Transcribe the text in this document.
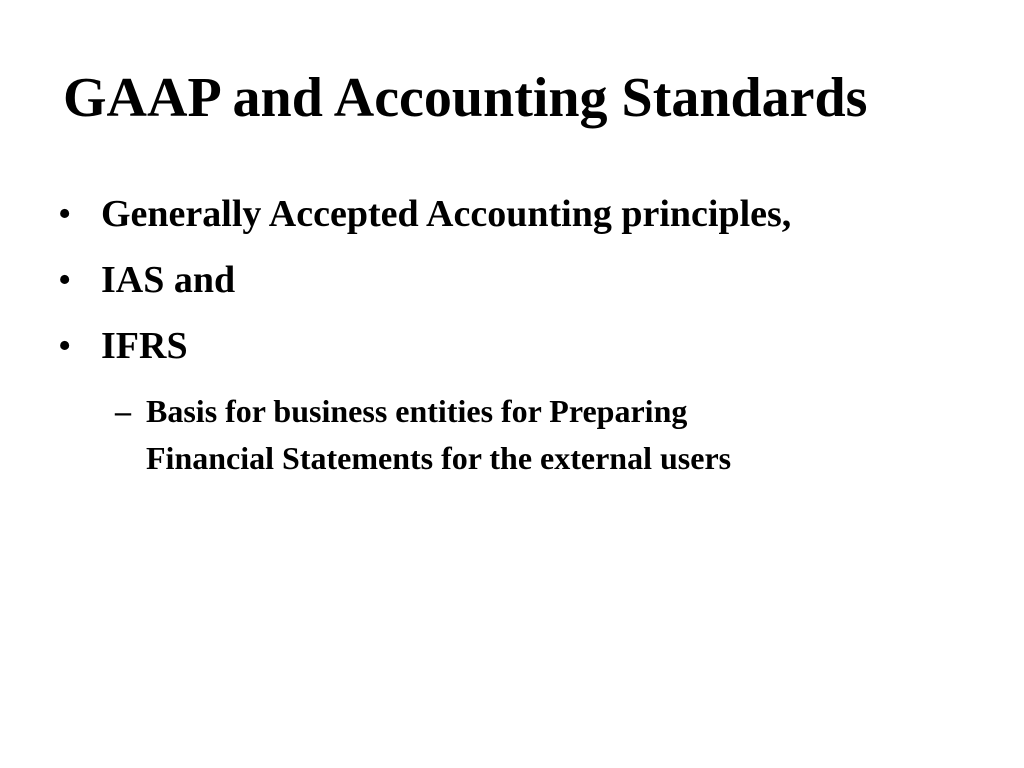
GAAP and Accounting Standards
• Generally Accepted Accounting principles,
• IAS and
• IFRS
– Basis for business entities for Preparing
Financial Statements for the external users
